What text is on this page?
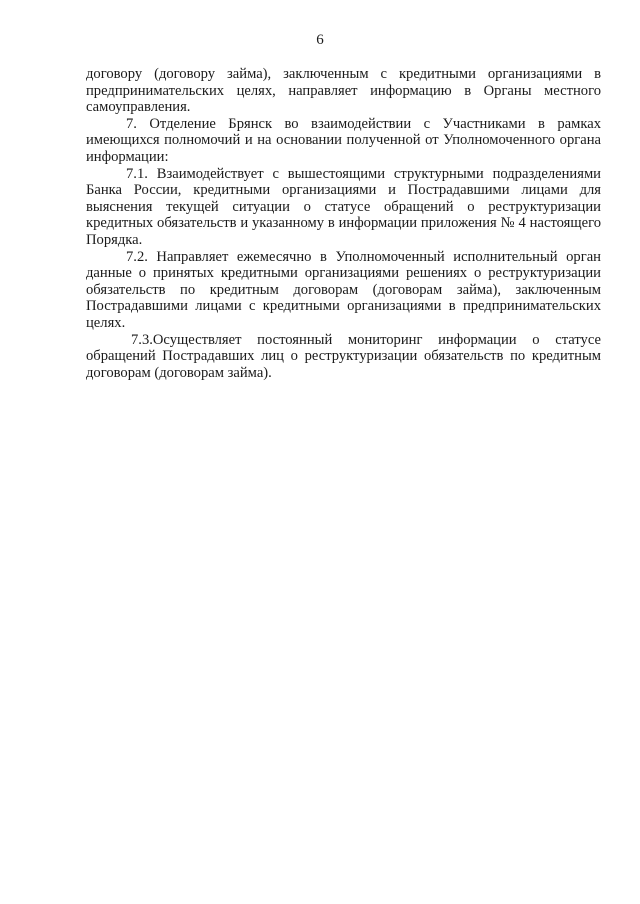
6

договору (договору займа), заключенным с кредитными организациями в предпринимательских целях, направляет информацию в Органы местного самоуправления.

7. Отделение Брянск во взаимодействии с Участниками в рамках имеющихся полномочий и на основании полученной от Уполномоченного органа информации:

7.1. Взаимодействует с вышестоящими структурными подразделениями Банка России, кредитными организациями и Пострадавшими лицами для выяснения текущей ситуации о статусе обращений о реструктуризации кредитных обязательств и указанному в информации приложения № 4 настоящего Порядка.

7.2. Направляет ежемесячно в Уполномоченный исполнительный орган данные о принятых кредитными организациями решениях о реструктуризации обязательств по кредитным договорам (договорам займа), заключенным Пострадавшими лицами с кредитными организациями в предпринимательских целях.

7.3.Осуществляет постоянный мониторинг информации о статусе обращений Пострадавших лиц о реструктуризации обязательств по кредитным договорам (договорам займа).
